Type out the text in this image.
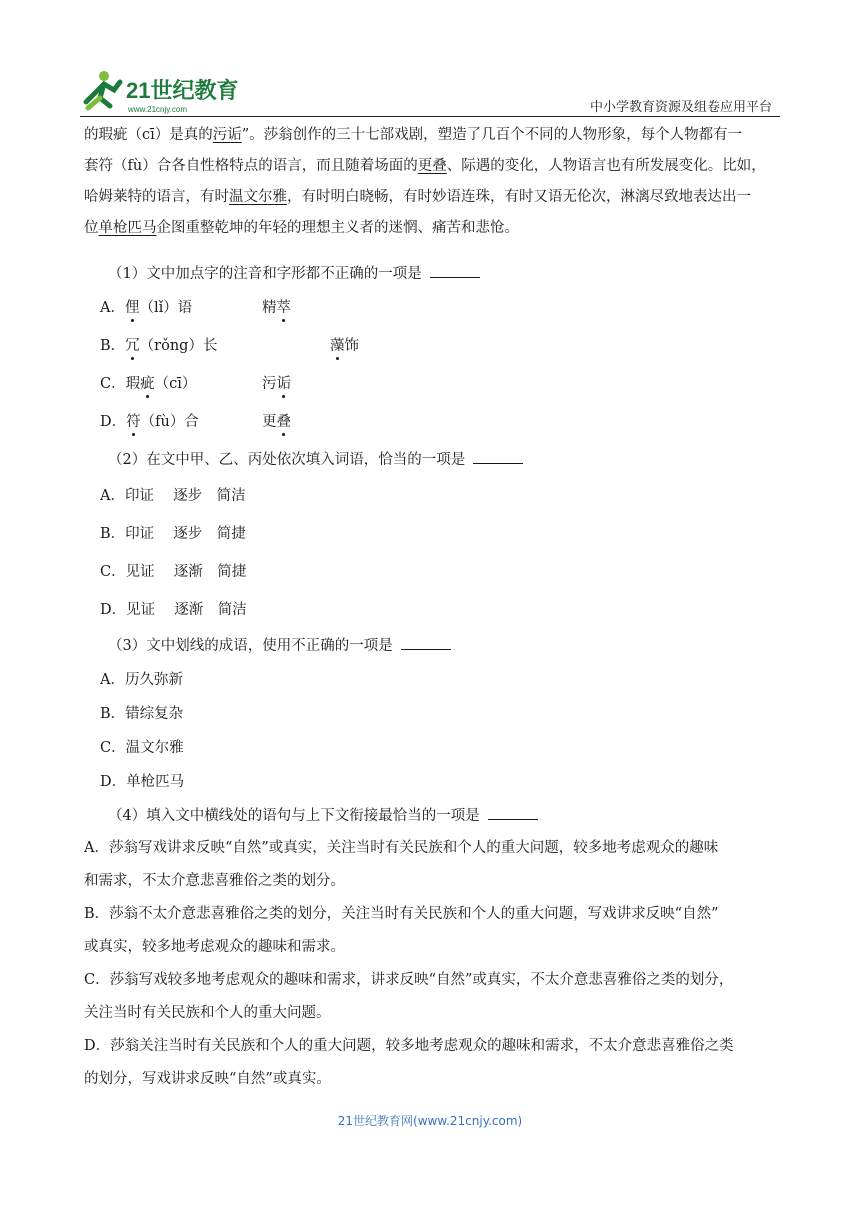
21世纪教育
www.21cnjy.com	中小学教育资源及组卷应用平台
的瑕疵（cī）是真的污诟”。莎翁创作的三十七部戏剧，塑造了几百个不同的人物形象，每个人物都有一
套符（fù）合各自性格特点的语言，而且随着场面的更叠、际遇的变化，人物语言也有所发展变化。比如，
哈姆莱特的语言，有时温文尔雅，有时明白晓畅，有时妙语连珠，有时又语无伦次，淋漓尽致地表达出一
位单枪匹马企图重整乾坤的年轻的理想主义者的迷惘、痛苦和悲怆。
（1）文中加点字的注音和字形都不正确的一项是
A．俚（lǐ）语	精萃
B．冗（rǒng）长	藻饰
C．瑕疵（cī）	污诟
D．符（fù）合	更叠
（2）在文中甲、乙、丙处依次填入词语，恰当的一项是
A．印证　 逐步　简洁
B．印证　 逐步　简捷
C．见证　 逐渐　简捷
D．见证　 逐渐　简洁
（3）文中划线的成语，使用不正确的一项是
A．历久弥新
B．错综复杂
C．温文尔雅
D．单枪匹马
（4）填入文中横线处的语句与上下文衔接最恰当的一项是
A．莎翁写戏讲求反映“自然”或真实，关注当时有关民族和个人的重大问题，较多地考虑观众的趣味
和需求，不太介意悲喜雅俗之类的划分。
B．莎翁不太介意悲喜雅俗之类的划分，关注当时有关民族和个人的重大问题，写戏讲求反映“自然”
或真实，较多地考虑观众的趣味和需求。
C．莎翁写戏较多地考虑观众的趣味和需求，讲求反映“自然”或真实，不太介意悲喜雅俗之类的划分，
关注当时有关民族和个人的重大问题。
D．莎翁关注当时有关民族和个人的重大问题，较多地考虑观众的趣味和需求，不太介意悲喜雅俗之类
的划分，写戏讲求反映“自然”或真实。
21世纪教育网(www.21cnjy.com)
